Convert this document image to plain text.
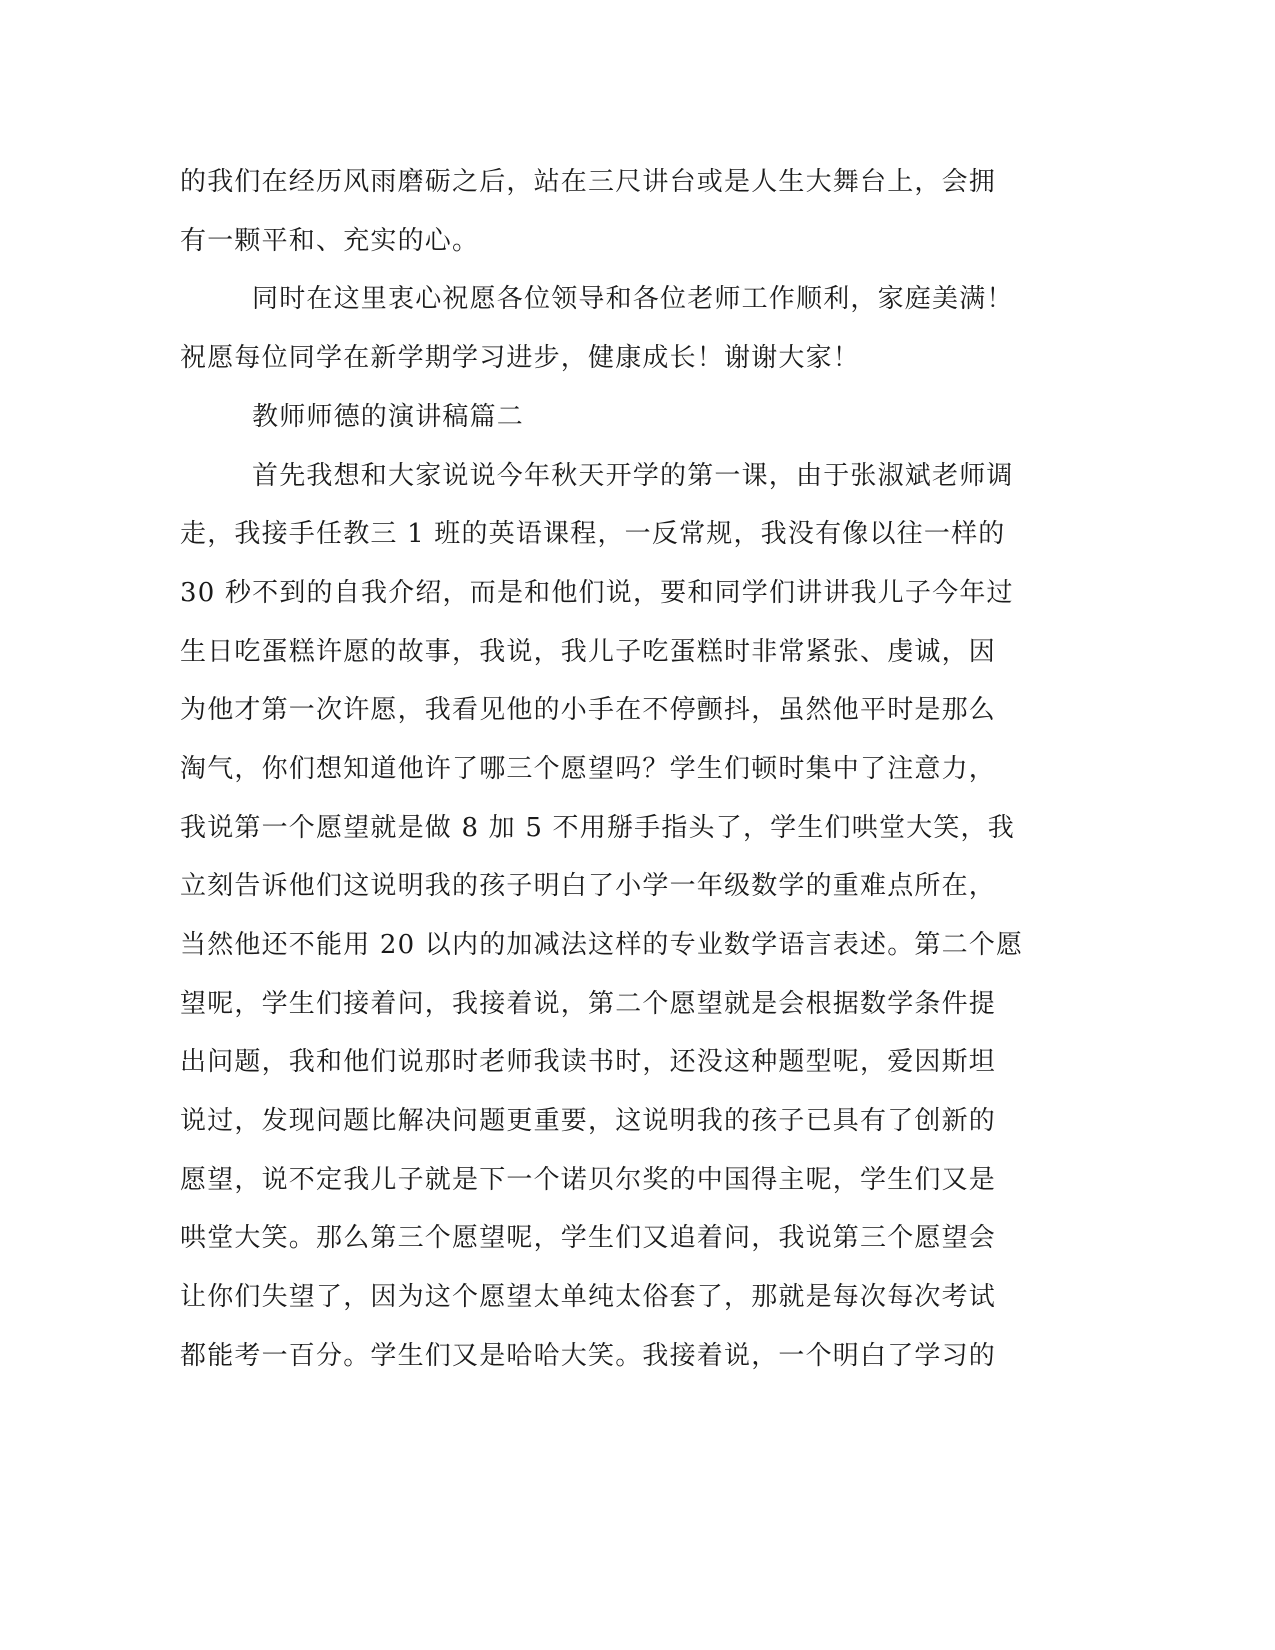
的我们在经历风雨磨砺之后，站在三尺讲台或是人生大舞台上，会拥
有一颗平和、充实的心。
同时在这里衷心祝愿各位领导和各位老师工作顺利，家庭美满！
祝愿每位同学在新学期学习进步，健康成长！谢谢大家！
教师师德的演讲稿篇二
首先我想和大家说说今年秋天开学的第一课，由于张淑斌老师调
走，我接手任教三 1 班的英语课程，一反常规，我没有像以往一样的
30 秒不到的自我介绍，而是和他们说，要和同学们讲讲我儿子今年过
生日吃蛋糕许愿的故事，我说，我儿子吃蛋糕时非常紧张、虔诚，因
为他才第一次许愿，我看见他的小手在不停颤抖，虽然他平时是那么
淘气，你们想知道他许了哪三个愿望吗？学生们顿时集中了注意力，
我说第一个愿望就是做 8 加 5 不用掰手指头了，学生们哄堂大笑，我
立刻告诉他们这说明我的孩子明白了小学一年级数学的重难点所在，
当然他还不能用 20 以内的加减法这样的专业数学语言表述。第二个愿
望呢，学生们接着问，我接着说，第二个愿望就是会根据数学条件提
出问题，我和他们说那时老师我读书时，还没这种题型呢，爱因斯坦
说过，发现问题比解决问题更重要，这说明我的孩子已具有了创新的
愿望，说不定我儿子就是下一个诺贝尔奖的中国得主呢，学生们又是
哄堂大笑。那么第三个愿望呢，学生们又追着问，我说第三个愿望会
让你们失望了，因为这个愿望太单纯太俗套了，那就是每次每次考试
都能考一百分。学生们又是哈哈大笑。我接着说，一个明白了学习的
